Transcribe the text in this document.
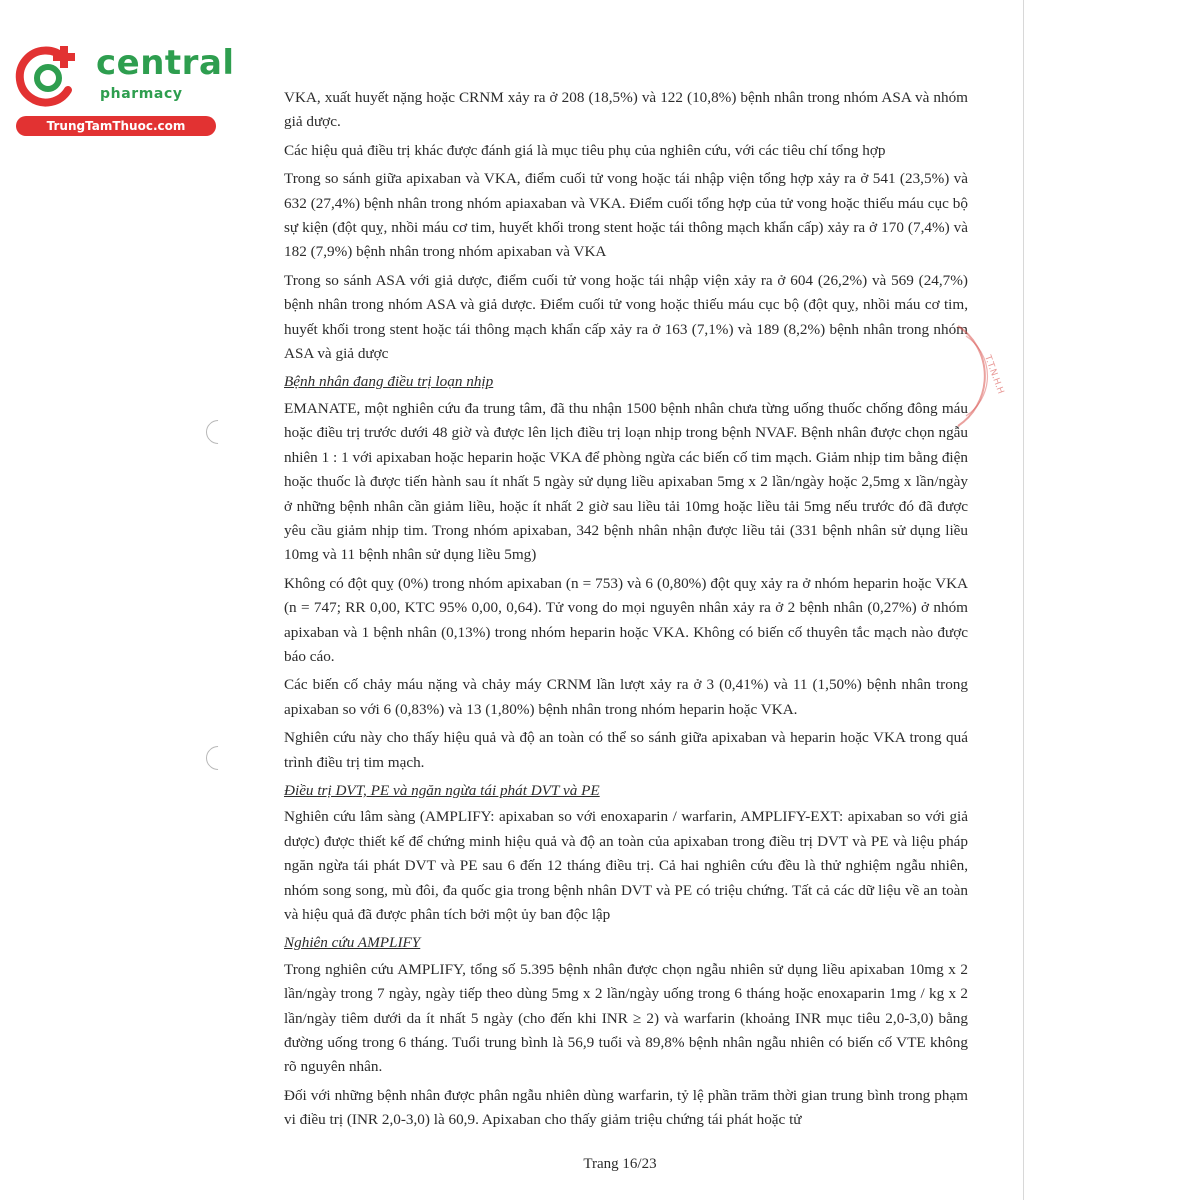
central
pharmacy
TrungTamThuoc.com

VKA, xuất huyết nặng hoặc CRNM xảy ra ở 208 (18,5%) và 122 (10,8%) bệnh nhân trong nhóm ASA và nhóm giả dược.

Các hiệu quả điều trị khác được đánh giá là mục tiêu phụ của nghiên cứu, với các tiêu chí tổng hợp

Trong so sánh giữa apixaban và VKA, điểm cuối tử vong hoặc tái nhập viện tổng hợp xảy ra ở 541 (23,5%) và 632 (27,4%) bệnh nhân trong nhóm apiaxaban và VKA. Điểm cuối tổng hợp của tử vong hoặc thiếu máu cục bộ sự kiện (đột quỵ, nhồi máu cơ tim, huyết khối trong stent hoặc tái thông mạch khẩn cấp) xảy ra ở 170 (7,4%) và 182 (7,9%) bệnh nhân trong nhóm apixaban và VKA

Trong so sánh ASA với giả dược, điểm cuối tử vong hoặc tái nhập viện xảy ra ở 604 (26,2%) và 569 (24,7%) bệnh nhân trong nhóm ASA và giả dược. Điểm cuối tử vong hoặc thiếu máu cục bộ (đột quỵ, nhồi máu cơ tim, huyết khối trong stent hoặc tái thông mạch khẩn cấp xảy ra ở 163 (7,1%) và 189 (8,2%) bệnh nhân trong nhóm ASA và giả dược

Bệnh nhân đang điều trị loạn nhịp

EMANATE, một nghiên cứu đa trung tâm, đã thu nhận 1500 bệnh nhân chưa từng uống thuốc chống đông máu hoặc điều trị trước dưới 48 giờ và được lên lịch điều trị loạn nhịp trong bệnh NVAF. Bệnh nhân được chọn ngẫu nhiên 1 : 1 với apixaban hoặc heparin hoặc VKA để phòng ngừa các biến cố tim mạch. Giảm nhịp tim bằng điện hoặc thuốc là được tiến hành sau ít nhất 5 ngày sử dụng liều apixaban 5mg x 2 lần/ngày hoặc 2,5mg x lần/ngày ở những bệnh nhân cần giảm liều, hoặc ít nhất 2 giờ sau liều tải 10mg hoặc liều tải 5mg nếu trước đó đã được yêu cầu giảm nhịp tim. Trong nhóm apixaban, 342 bệnh nhân nhận được liều tải (331 bệnh nhân sử dụng liều 10mg và 11 bệnh nhân sử dụng liều 5mg)

Không có đột quỵ (0%) trong nhóm apixaban (n = 753) và 6 (0,80%) đột quỵ xảy ra ở nhóm heparin hoặc VKA (n = 747; RR 0,00, KTC 95% 0,00, 0,64). Tử vong do mọi nguyên nhân xảy ra ở 2 bệnh nhân (0,27%) ở nhóm apixaban và 1 bệnh nhân (0,13%) trong nhóm heparin hoặc VKA. Không có biến cố thuyên tắc mạch nào được báo cáo.

Các biến cố chảy máu nặng và chảy máy CRNM lần lượt xảy ra ở 3 (0,41%) và 11 (1,50%) bệnh nhân trong apixaban so với 6 (0,83%) và 13 (1,80%) bệnh nhân trong nhóm heparin hoặc VKA.

Nghiên cứu này cho thấy hiệu quả và độ an toàn có thể so sánh giữa apixaban và heparin hoặc VKA trong quá trình điều trị tim mạch.

Điều trị DVT, PE và ngăn ngừa tái phát DVT và PE

Nghiên cứu lâm sàng (AMPLIFY: apixaban so với enoxaparin / warfarin, AMPLIFY-EXT: apixaban so với giả dược) được thiết kế để chứng minh hiệu quả và độ an toàn của apixaban trong điều trị DVT và PE và liệu pháp ngăn ngừa tái phát DVT và PE sau 6 đến 12 tháng điều trị. Cả hai nghiên cứu đều là thử nghiệm ngẫu nhiên, nhóm song song, mù đôi, đa quốc gia trong bệnh nhân DVT và PE có triệu chứng. Tất cả các dữ liệu về an toàn và hiệu quả đã được phân tích bởi một ủy ban độc lập

Nghiên cứu AMPLIFY

Trong nghiên cứu AMPLIFY, tổng số 5.395 bệnh nhân được chọn ngẫu nhiên sử dụng liều apixaban 10mg x 2 lần/ngày trong 7 ngày, ngày tiếp theo dùng 5mg x 2 lần/ngày uống trong 6 tháng hoặc enoxaparin 1mg / kg x 2 lần/ngày tiêm dưới da ít nhất 5 ngày (cho đến khi INR ≥ 2) và warfarin (khoảng INR mục tiêu 2,0-3,0) bằng đường uống trong 6 tháng. Tuổi trung bình là 56,9 tuổi và 89,8% bệnh nhân ngẫu nhiên có biến cố VTE không rõ nguyên nhân.

Đối với những bệnh nhân được phân ngẫu nhiên dùng warfarin, tỷ lệ phần trăm thời gian trung bình trong phạm vi điều trị (INR 2,0-3,0) là 60,9. Apixaban cho thấy giảm triệu chứng tái phát hoặc tử

T.T.N.H.H
Trang 16/23
